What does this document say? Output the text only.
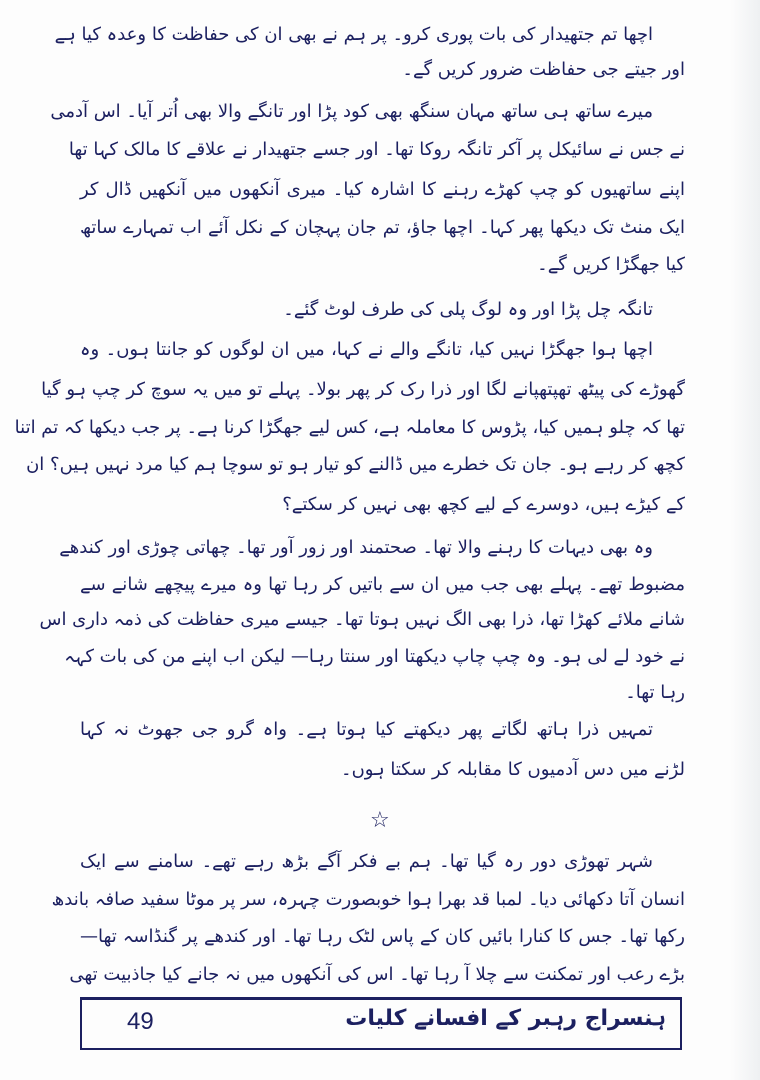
اچھا تم جتھیدار کی بات پوری کرو۔ پر ہم نے بھی ان کی حفاظت کا وعدہ کیا ہے
اور جیتے جی حفاظت ضرور کریں گے۔
میرے ساتھ ہی ساتھ مہان سنگھ بھی کود پڑا اور تانگے والا بھی اُتر آیا۔ اس آدمی
نے جس نے سائیکل پر آکر تانگہ روکا تھا۔ اور جسے جتھیدار نے علاقے کا مالک کہا تھا
اپنے ساتھیوں کو چپ کھڑے رہنے کا اشارہ کیا۔ میری آنکھوں میں آنکھیں ڈال کر
ایک منٹ تک دیکھا پھر کہا۔ اچھا جاؤ، تم جان پہچان کے نکل آئے اب تمہارے ساتھ
کیا جھگڑا کریں گے۔
تانگہ چل پڑا اور وہ لوگ پلی کی طرف لوٹ گئے۔
اچھا ہوا جھگڑا نہیں کیا، تانگے والے نے کہا، میں ان لوگوں کو جانتا ہوں۔ وہ
گھوڑے کی پیٹھ تھپتھپانے لگا اور ذرا رک کر پھر بولا۔ پہلے تو میں یہ سوچ کر چپ ہو گیا
تھا کہ چلو ہمیں کیا، پڑوس کا معاملہ ہے، کس لیے جھگڑا کرنا ہے۔ پر جب دیکھا کہ تم اتنا
کچھ کر رہے ہو۔ جان تک خطرے میں ڈالنے کو تیار ہو تو سوچا ہم کیا مرد نہیں ہیں؟ ان
کے کیڑے ہیں، دوسرے کے لیے کچھ بھی نہیں کر سکتے؟
وہ بھی دیہات کا رہنے والا تھا۔ صحتمند اور زور آور تھا۔ چھاتی چوڑی اور کندھے
مضبوط تھے۔ پہلے بھی جب میں ان سے باتیں کر رہا تھا وہ میرے پیچھے شانے سے
شانے ملائے کھڑا تھا، ذرا بھی الگ نہیں ہوتا تھا۔ جیسے میری حفاظت کی ذمہ داری اس
نے خود لے لی ہو۔ وہ چپ چاپ دیکھتا اور سنتا رہا— لیکن اب اپنے من کی بات کہہ
رہا تھا۔
تمہیں ذرا ہاتھ لگاتے پھر دیکھتے کیا ہوتا ہے۔ واہ گرو جی جھوٹ نہ کہا
لڑنے میں دس آدمیوں کا مقابلہ کر سکتا ہوں۔
☆
شہر تھوڑی دور رہ گیا تھا۔ ہم بے فکر آگے بڑھ رہے تھے۔ سامنے سے ایک
انسان آتا دکھائی دیا۔ لمبا قد بھرا ہوا خوبصورت چہرہ، سر پر موٹا سفید صافہ باندھ
رکھا تھا۔ جس کا کنارا بائیں کان کے پاس لٹک رہا تھا۔ اور کندھے پر گنڈاسہ تھا—
بڑے رعب اور تمکنت سے چلا آ رہا تھا۔ اس کی آنکھوں میں نہ جانے کیا جاذبیت تھی
ہنسراج رہبر کے افسانے کلیات
49
